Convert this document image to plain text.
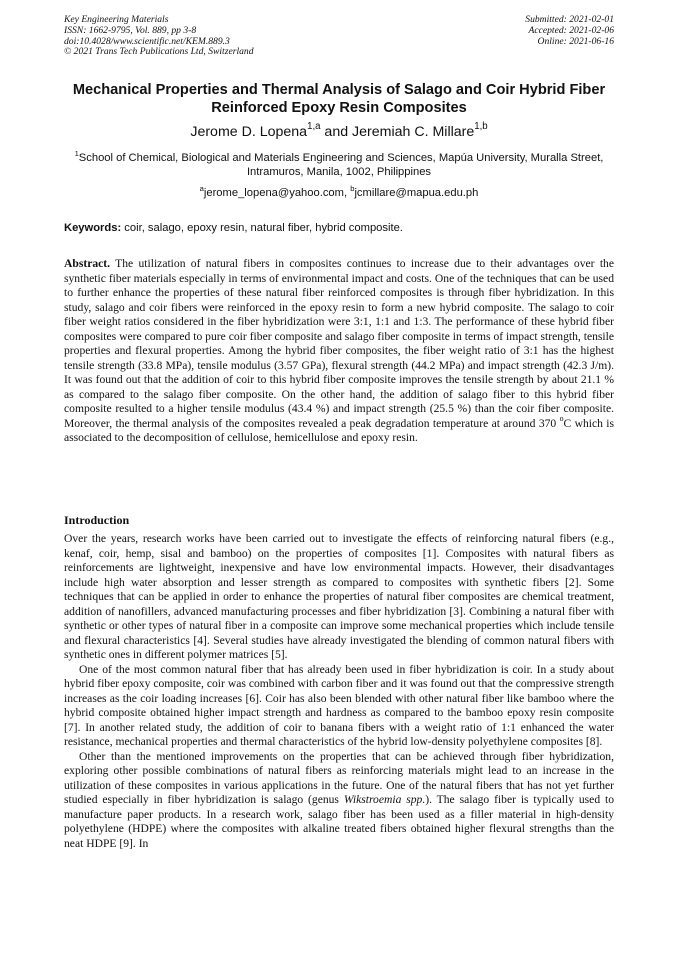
Key Engineering Materials
ISSN: 1662-9795, Vol. 889, pp 3-8
doi:10.4028/www.scientific.net/KEM.889.3
© 2021 Trans Tech Publications Ltd, Switzerland
Submitted: 2021-02-01
Accepted: 2021-02-06
Online: 2021-06-16
Mechanical Properties and Thermal Analysis of Salago and Coir Hybrid Fiber Reinforced Epoxy Resin Composites
Jerome D. Lopena$^{1,a}$ and Jeremiah C. Millare$^{1,b}$
$^1$School of Chemical, Biological and Materials Engineering and Sciences, Mapúa University, Muralla Street, Intramuros, Manila, 1002, Philippines
$^a$jerome_lopena@yahoo.com, $^b$jcmillare@mapua.edu.ph
Keywords: coir, salago, epoxy resin, natural fiber, hybrid composite.
Abstract. The utilization of natural fibers in composites continues to increase due to their advantages over the synthetic fiber materials especially in terms of environmental impact and costs. One of the techniques that can be used to further enhance the properties of these natural fiber reinforced composites is through fiber hybridization. In this study, salago and coir fibers were reinforced in the epoxy resin to form a new hybrid composite. The salago to coir fiber weight ratios considered in the fiber hybridization were 3:1, 1:1 and 1:3. The performance of these hybrid fiber composites were compared to pure coir fiber composite and salago fiber composite in terms of impact strength, tensile properties and flexural properties. Among the hybrid fiber composites, the fiber weight ratio of 3:1 has the highest tensile strength (33.8 MPa), tensile modulus (3.57 GPa), flexural strength (44.2 MPa) and impact strength (42.3 J/m). It was found out that the addition of coir to this hybrid fiber composite improves the tensile strength by about 21.1 % as compared to the salago fiber composite. On the other hand, the addition of salago fiber to this hybrid fiber composite resulted to a higher tensile modulus (43.4 %) and impact strength (25.5 %) than the coir fiber composite. Moreover, the thermal analysis of the composites revealed a peak degradation temperature at around 370 $^o$C which is associated to the decomposition of cellulose, hemicellulose and epoxy resin.
Introduction

Over the years, research works have been carried out to investigate the effects of reinforcing natural fibers (e.g., kenaf, coir, hemp, sisal and bamboo) on the properties of composites [1]. Composites with natural fibers as reinforcements are lightweight, inexpensive and have low environmental impacts. However, their disadvantages include high water absorption and lesser strength as compared to composites with synthetic fibers [2]. Some techniques that can be applied in order to enhance the properties of natural fiber composites are chemical treatment, addition of nanofillers, advanced manufacturing processes and fiber hybridization [3]. Combining a natural fiber with synthetic or other types of natural fiber in a composite can improve some mechanical properties which include tensile and flexural characteristics [4]. Several studies have already investigated the blending of common natural fibers with synthetic ones in different polymer matrices [5].

One of the most common natural fiber that has already been used in fiber hybridization is coir. In a study about hybrid fiber epoxy composite, coir was combined with carbon fiber and it was found out that the compressive strength increases as the coir loading increases [6]. Coir has also been blended with other natural fiber like bamboo where the hybrid composite obtained higher impact strength and hardness as compared to the bamboo epoxy resin composite [7]. In another related study, the addition of coir to banana fibers with a weight ratio of 1:1 enhanced the water resistance, mechanical properties and thermal characteristics of the hybrid low-density polyethylene composites [8].

Other than the mentioned improvements on the properties that can be achieved through fiber hybridization, exploring other possible combinations of natural fibers as reinforcing materials might lead to an increase in the utilization of these composites in various applications in the future. One of the natural fibers that has not yet further studied especially in fiber hybridization is salago (genus Wikstroemia spp.). The salago fiber is typically used to manufacture paper products. In a research work, salago fiber has been used as a filler material in high-density polyethylene (HDPE) where the composites with alkaline treated fibers obtained higher flexural strengths than the neat HDPE [9]. In
